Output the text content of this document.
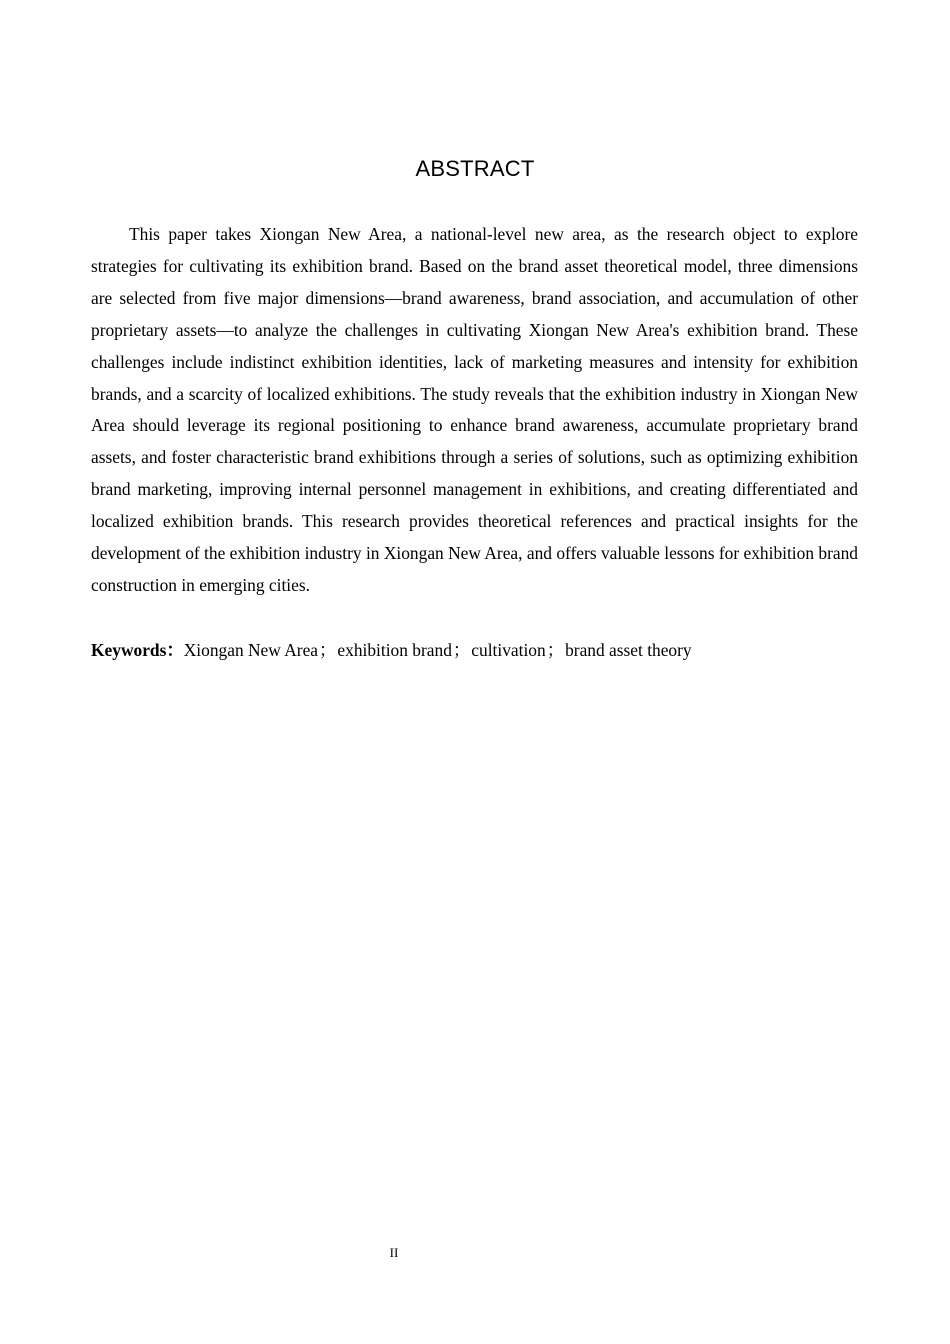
ABSTRACT

This paper takes Xiongan New Area, a national-level new area, as the research object to explore strategies for cultivating its exhibition brand. Based on the brand asset theoretical model, three dimensions are selected from five major dimensions—brand awareness, brand association, and accumulation of other proprietary assets—to analyze the challenges in cultivating Xiongan New Area's exhibition brand. These challenges include indistinct exhibition identities, lack of marketing measures and intensity for exhibition brands, and a scarcity of localized exhibitions. The study reveals that the exhibition industry in Xiongan New Area should leverage its regional positioning to enhance brand awareness, accumulate proprietary brand assets, and foster characteristic brand exhibitions through a series of solutions, such as optimizing exhibition brand marketing, improving internal personnel management in exhibitions, and creating differentiated and localized exhibition brands. This research provides theoretical references and practical insights for the development of the exhibition industry in Xiongan New Area, and offers valuable lessons for exhibition brand construction in emerging cities.

Keywords：Xiongan New Area；exhibition brand；cultivation；brand asset theory

II
